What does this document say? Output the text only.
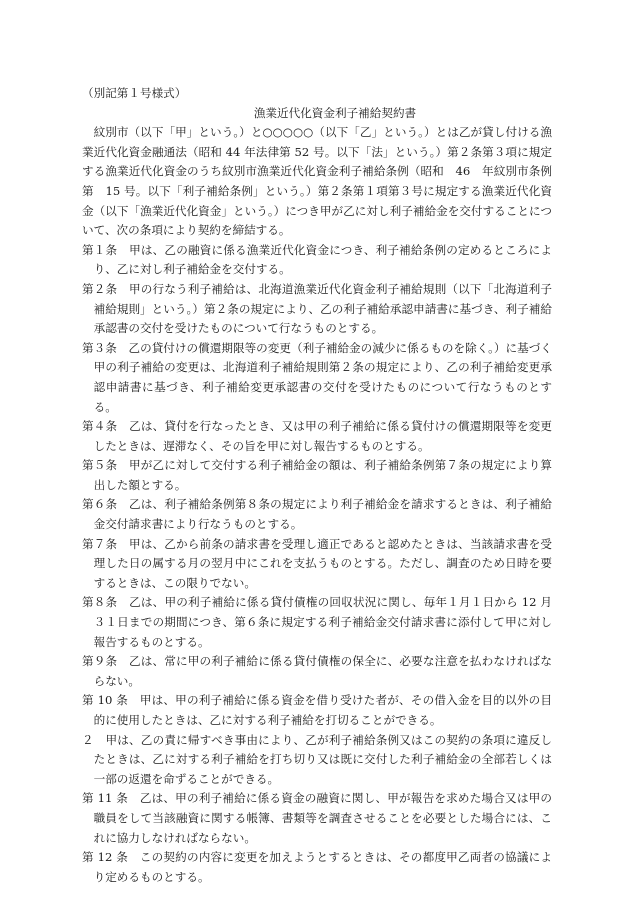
（別記第１号様式）

漁業近代化資金利子補給契約書

紋別市（以下「甲」という。）と○○○○○（以下「乙」という。）とは乙が貸し付ける漁業近代化資金融通法（昭和 44 年法律第 52 号。以下「法」という。）第２条第３項に規定する漁業近代化資金のうち紋別市漁業近代化資金利子補給条例（昭和　46　年紋別市条例第　15 号。以下「利子補給条例」という。）第２条第１項第３号に規定する漁業近代化資金（以下「漁業近代化資金」という。）につき甲が乙に対し利子補給金を交付することについて、次の条項により契約を締結する。

第１条　 甲は、乙の融資に係る漁業近代化資金につき、利子補給条例の定めるところにより、乙に対し利子補給金を交付する。

第２条　 甲の行なう利子補給は、北海道漁業近代化資金利子補給規則（以下「北海道利子補給規則」という。）第２条の規定により、乙の利子補給承認申請書に基づき、利子補給承認書の交付を受けたものについて行なうものとする。

第３条　 乙の貸付けの償還期限等の変更（利子補給金の減少に係るものを除く。）に基づく甲の利子補給の変更は、北海道利子補給規則第２条の規定により、乙の利子補給変更承認申請書に基づき、利子補給変更承認書の交付を受けたものについて行なうものとする。

第４条　 乙は、貸付を行なったとき、又は甲の利子補給に係る貸付けの償還期限等を変更したときは、遅滞なく、その旨を甲に対し報告するものとする。

第５条　 甲が乙に対して交付する利子補給金の額は、利子補給条例第７条の規定により算出した額とする。

第６条　 乙は、利子補給条例第８条の規定により利子補給金を請求するときは、利子補給金交付請求書により行なうものとする。

第７条　 甲は、乙から前条の請求書を受理し適正であると認めたときは、当該請求書を受理した日の属する月の翌月中にこれを支払うものとする。ただし、調査のため日時を要するときは、この限りでない。

第８条　 乙は、甲の利子補給に係る貸付債権の回収状況に関し、毎年１月１日から 12 月３１日までの期間につき、第６条に規定する利子補給金交付請求書に添付して甲に対し報告するものとする。

第９条　 乙は、常に甲の利子補給に係る貸付債権の保全に、必要な注意を払わなければならない。

第 10 条　 甲は、甲の利子補給に係る資金を借り受けた者が、その借入金を目的以外の目的に使用したときは、乙に対する利子補給を打切ることができる。

２　 甲は、乙の責に帰すべき事由により、乙が利子補給条例又はこの契約の条項に違反したときは、乙に対する利子補給を打ち切り又は既に交付した利子補給金の全部若しくは一部の返還を命ずることができる。

第 11 条　 乙は、甲の利子補給に係る資金の融資に関し、甲が報告を求めた場合又は甲の職員をして当該融資に関する帳簿、書類等を調査させることを必要とした場合には、これに協力しなければならない。

第 12 条　 この契約の内容に変更を加えようとするときは、その都度甲乙両者の協議により定めるものとする。
